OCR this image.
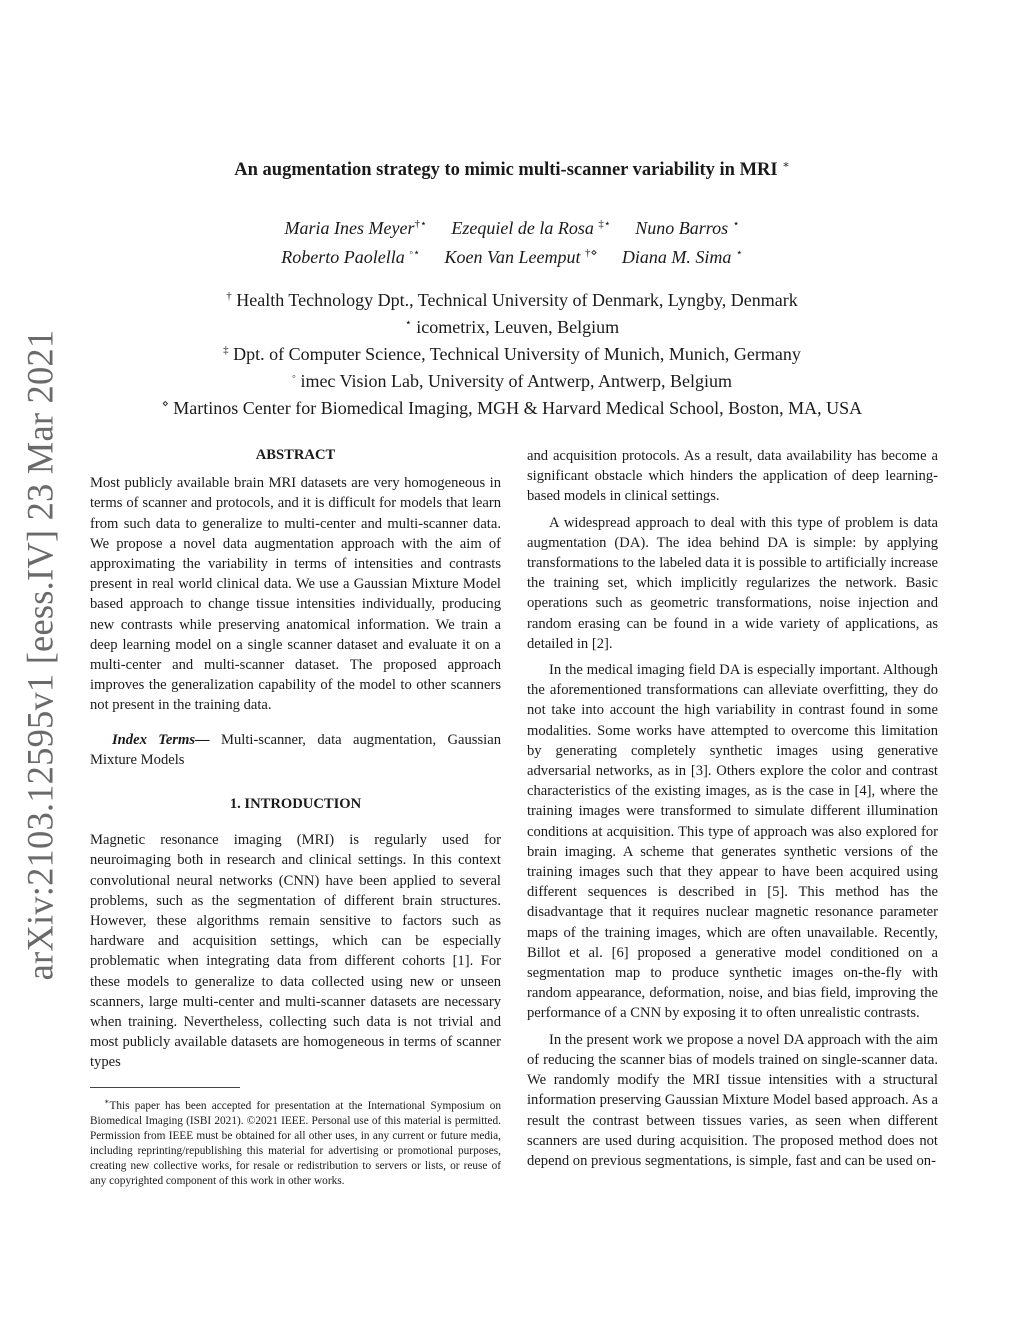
arXiv:2103.12595v1 [eess.IV] 23 Mar 2021
An augmentation strategy to mimic multi-scanner variability in MRI ∗
Maria Ines Meyer†⋆ Ezequiel de la Rosa ‡⋆ Nuno Barros ⋆
Roberto Paolella ◦⋆ Koen Van Leemput †⋄ Diana M. Sima ⋆
† Health Technology Dpt., Technical University of Denmark, Lyngby, Denmark
⋆ icometrix, Leuven, Belgium
‡ Dpt. of Computer Science, Technical University of Munich, Munich, Germany
◦ imec Vision Lab, University of Antwerp, Antwerp, Belgium
⋄ Martinos Center for Biomedical Imaging, MGH & Harvard Medical School, Boston, MA, USA
ABSTRACT

Most publicly available brain MRI datasets are very homogeneous in terms of scanner and protocols, and it is difficult for models that learn from such data to generalize to multi-center and multi-scanner data. We propose a novel data augmentation approach with the aim of approximating the variability in terms of intensities and contrasts present in real world clinical data. We use a Gaussian Mixture Model based approach to change tissue intensities individually, producing new contrasts while preserving anatomical information. We train a deep learning model on a single scanner dataset and evaluate it on a multi-center and multi-scanner dataset. The proposed approach improves the generalization capability of the model to other scanners not present in the training data.

Index Terms— Multi-scanner, data augmentation, Gaussian Mixture Models

1. INTRODUCTION

Magnetic resonance imaging (MRI) is regularly used for neuroimaging both in research and clinical settings. In this context convolutional neural networks (CNN) have been applied to several problems, such as the segmentation of different brain structures. However, these algorithms remain sensitive to factors such as hardware and acquisition settings, which can be especially problematic when integrating data from different cohorts [1]. For these models to generalize to data collected using new or unseen scanners, large multi-center and multi-scanner datasets are necessary when training. Nevertheless, collecting such data is not trivial and most publicly available datasets are homogeneous in terms of scanner types

∗This paper has been accepted for presentation at the International Symposium on Biomedical Imaging (ISBI 2021). ©2021 IEEE. Personal use of this material is permitted. Permission from IEEE must be obtained for all other uses, in any current or future media, including reprinting/republishing this material for advertising or promotional purposes, creating new collective works, for resale or redistribution to servers or lists, or reuse of any copyrighted component of this work in other works.

and acquisition protocols. As a result, data availability has become a significant obstacle which hinders the application of deep learning-based models in clinical settings.

A widespread approach to deal with this type of problem is data augmentation (DA). The idea behind DA is simple: by applying transformations to the labeled data it is possible to artificially increase the training set, which implicitly regularizes the network. Basic operations such as geometric transformations, noise injection and random erasing can be found in a wide variety of applications, as detailed in [2].

In the medical imaging field DA is especially important. Although the aforementioned transformations can alleviate overfitting, they do not take into account the high variability in contrast found in some modalities. Some works have attempted to overcome this limitation by generating completely synthetic images using generative adversarial networks, as in [3]. Others explore the color and contrast characteristics of the existing images, as is the case in [4], where the training images were transformed to simulate different illumination conditions at acquisition. This type of approach was also explored for brain imaging. A scheme that generates synthetic versions of the training images such that they appear to have been acquired using different sequences is described in [5]. This method has the disadvantage that it requires nuclear magnetic resonance parameter maps of the training images, which are often unavailable. Recently, Billot et al. [6] proposed a generative model conditioned on a segmentation map to produce synthetic images on-the-fly with random appearance, deformation, noise, and bias field, improving the performance of a CNN by exposing it to often unrealistic contrasts.

In the present work we propose a novel DA approach with the aim of reducing the scanner bias of models trained on single-scanner data. We randomly modify the MRI tissue intensities with a structural information preserving Gaussian Mixture Model based approach. As a result the contrast between tissues varies, as seen when different scanners are used during acquisition. The proposed method does not depend on previous segmentations, is simple, fast and can be used on-
